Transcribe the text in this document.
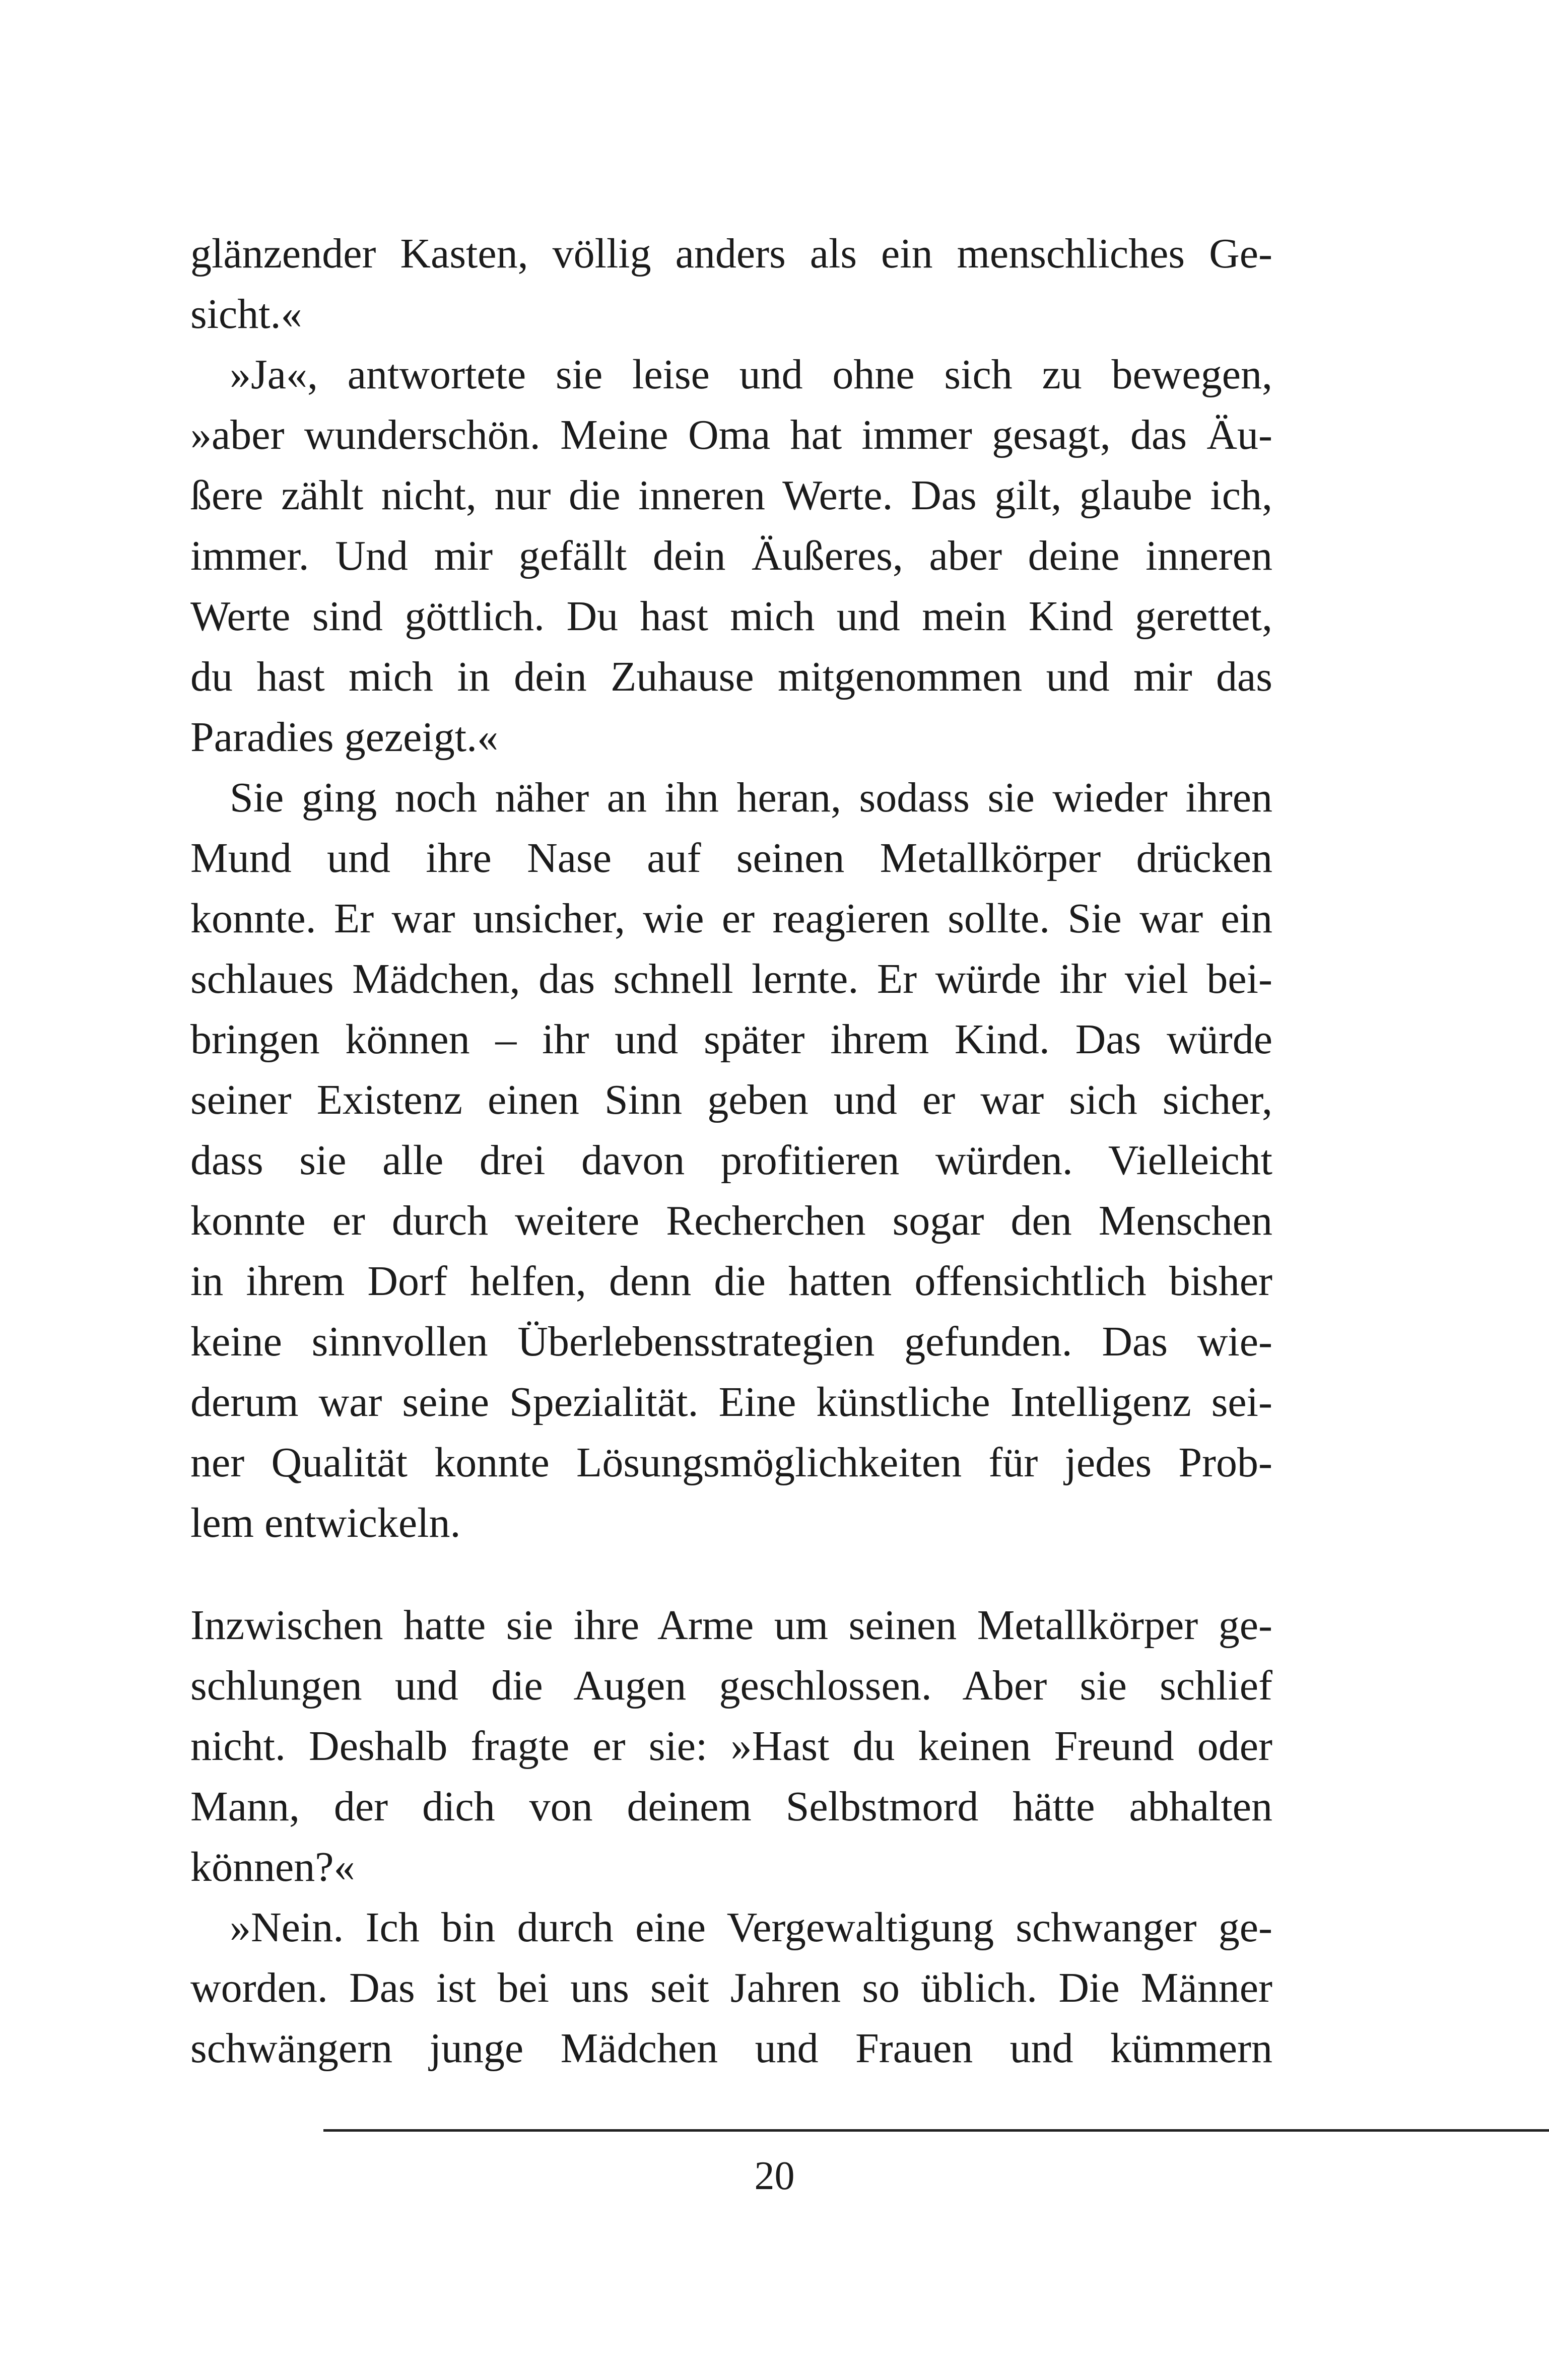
glänzender Kasten, völlig anders als ein menschliches Ge-
sicht.«
»Ja«, antwortete sie leise und ohne sich zu bewegen,
»aber wunderschön. Meine Oma hat immer gesagt, das Äu-
ßere zählt nicht, nur die inneren Werte. Das gilt, glaube ich,
immer. Und mir gefällt dein Äußeres, aber deine inneren
Werte sind göttlich. Du hast mich und mein Kind gerettet,
du hast mich in dein Zuhause mitgenommen und mir das
Paradies gezeigt.«
Sie ging noch näher an ihn heran, sodass sie wieder ihren
Mund und ihre Nase auf seinen Metallkörper drücken
konnte. Er war unsicher, wie er reagieren sollte. Sie war ein
schlaues Mädchen, das schnell lernte. Er würde ihr viel bei-
bringen können – ihr und später ihrem Kind. Das würde
seiner Existenz einen Sinn geben und er war sich sicher,
dass sie alle drei davon profitieren würden. Vielleicht
konnte er durch weitere Recherchen sogar den Menschen
in ihrem Dorf helfen, denn die hatten offensichtlich bisher
keine sinnvollen Überlebensstrategien gefunden. Das wie-
derum war seine Spezialität. Eine künstliche Intelligenz sei-
ner Qualität konnte Lösungsmöglichkeiten für jedes Prob-
lem entwickeln.
Inzwischen hatte sie ihre Arme um seinen Metallkörper ge-
schlungen und die Augen geschlossen. Aber sie schlief
nicht. Deshalb fragte er sie: »Hast du keinen Freund oder
Mann, der dich von deinem Selbstmord hätte abhalten
können?«
»Nein. Ich bin durch eine Vergewaltigung schwanger ge-
worden. Das ist bei uns seit Jahren so üblich. Die Männer
schwängern junge Mädchen und Frauen und kümmern
20
